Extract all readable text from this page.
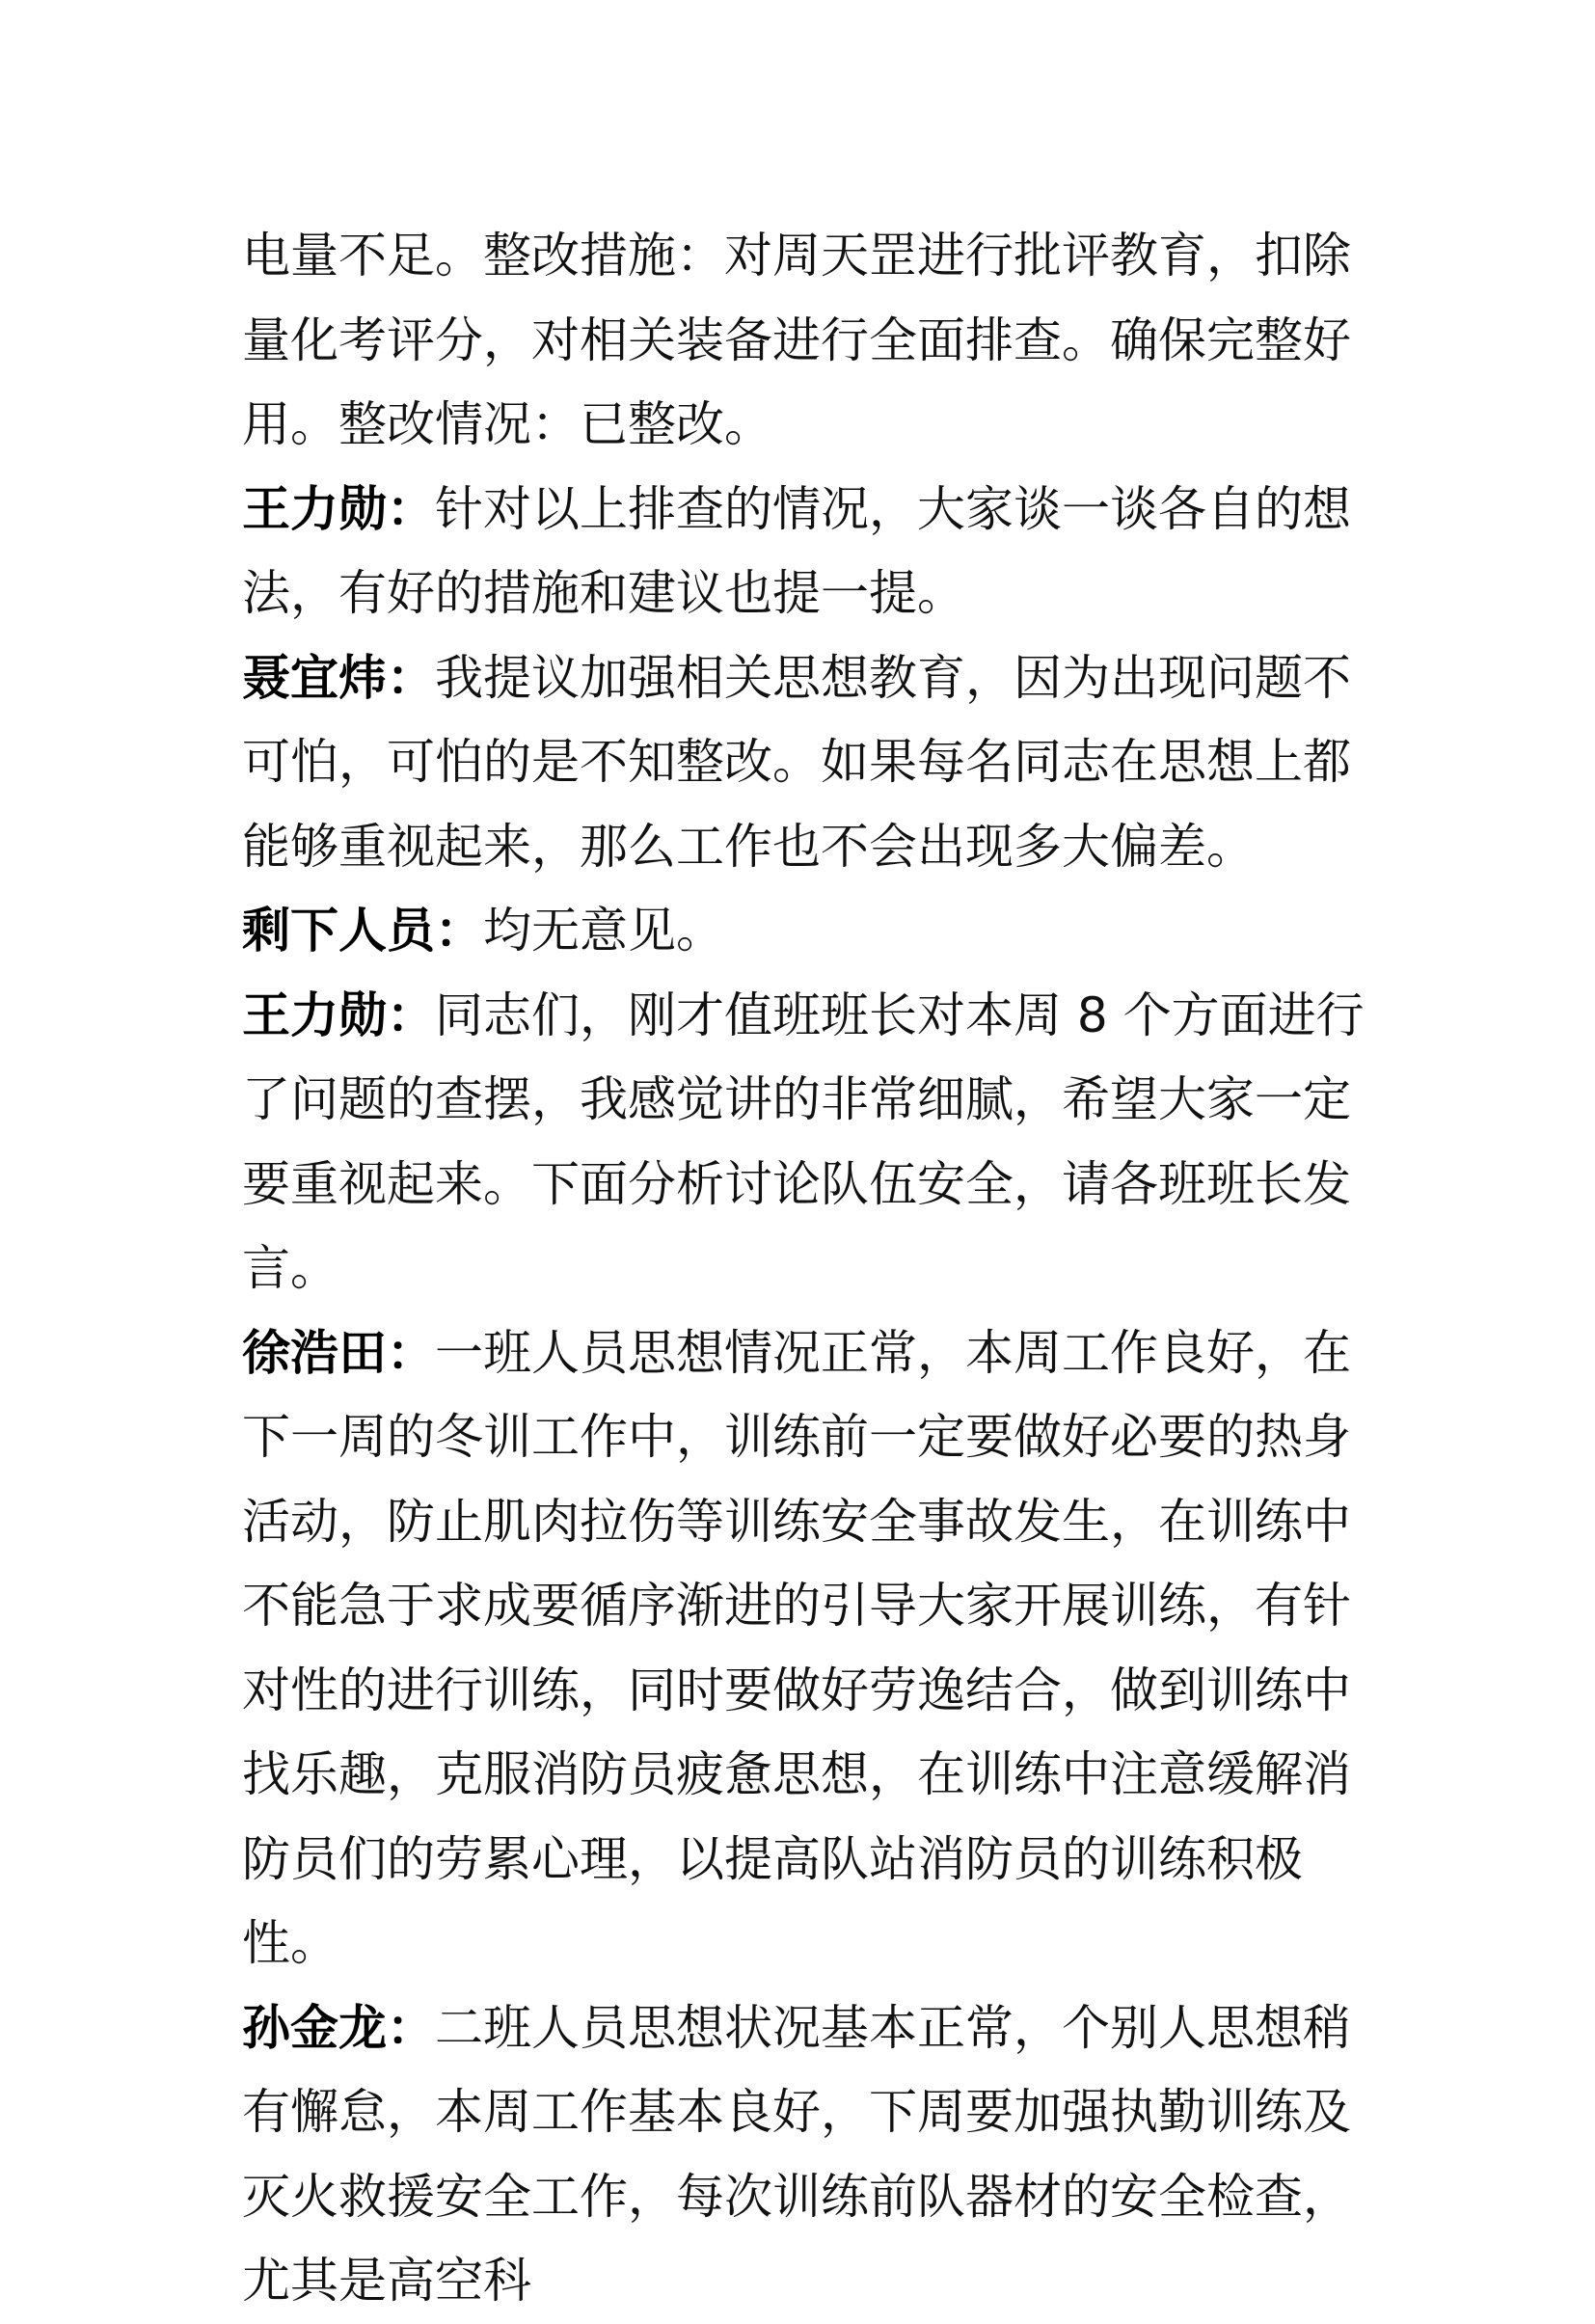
电量不足。整改措施：对周天罡进行批评教育，扣除量化考评分，对相关装备进行全面排查。确保完整好用。整改情况：已整改。

王力勋：针对以上排查的情况，大家谈一谈各自的想法，有好的措施和建议也提一提。

聂宜炜：我提议加强相关思想教育，因为出现问题不可怕，可怕的是不知整改。如果每名同志在思想上都能够重视起来，那么工作也不会出现多大偏差。

剩下人员：均无意见。

王力勋：同志们，刚才值班班长对本周 8 个方面进行了问题的查摆，我感觉讲的非常细腻，希望大家一定要重视起来。下面分析讨论队伍安全，请各班班长发言。

徐浩田：一班人员思想情况正常，本周工作良好，在下一周的冬训工作中，训练前一定要做好必要的热身活动，防止肌肉拉伤等训练安全事故发生，在训练中不能急于求成要循序渐进的引导大家开展训练，有针对性的进行训练，同时要做好劳逸结合，做到训练中找乐趣，克服消防员疲惫思想，在训练中注意缓解消防员们的劳累心理，以提高队站消防员的训练积极性。

孙金龙：二班人员思想状况基本正常，个别人思想稍有懈怠，本周工作基本良好，下周要加强执勤训练及灭火救援安全工作，每次训练前队器材的安全检查，尤其是高空科
